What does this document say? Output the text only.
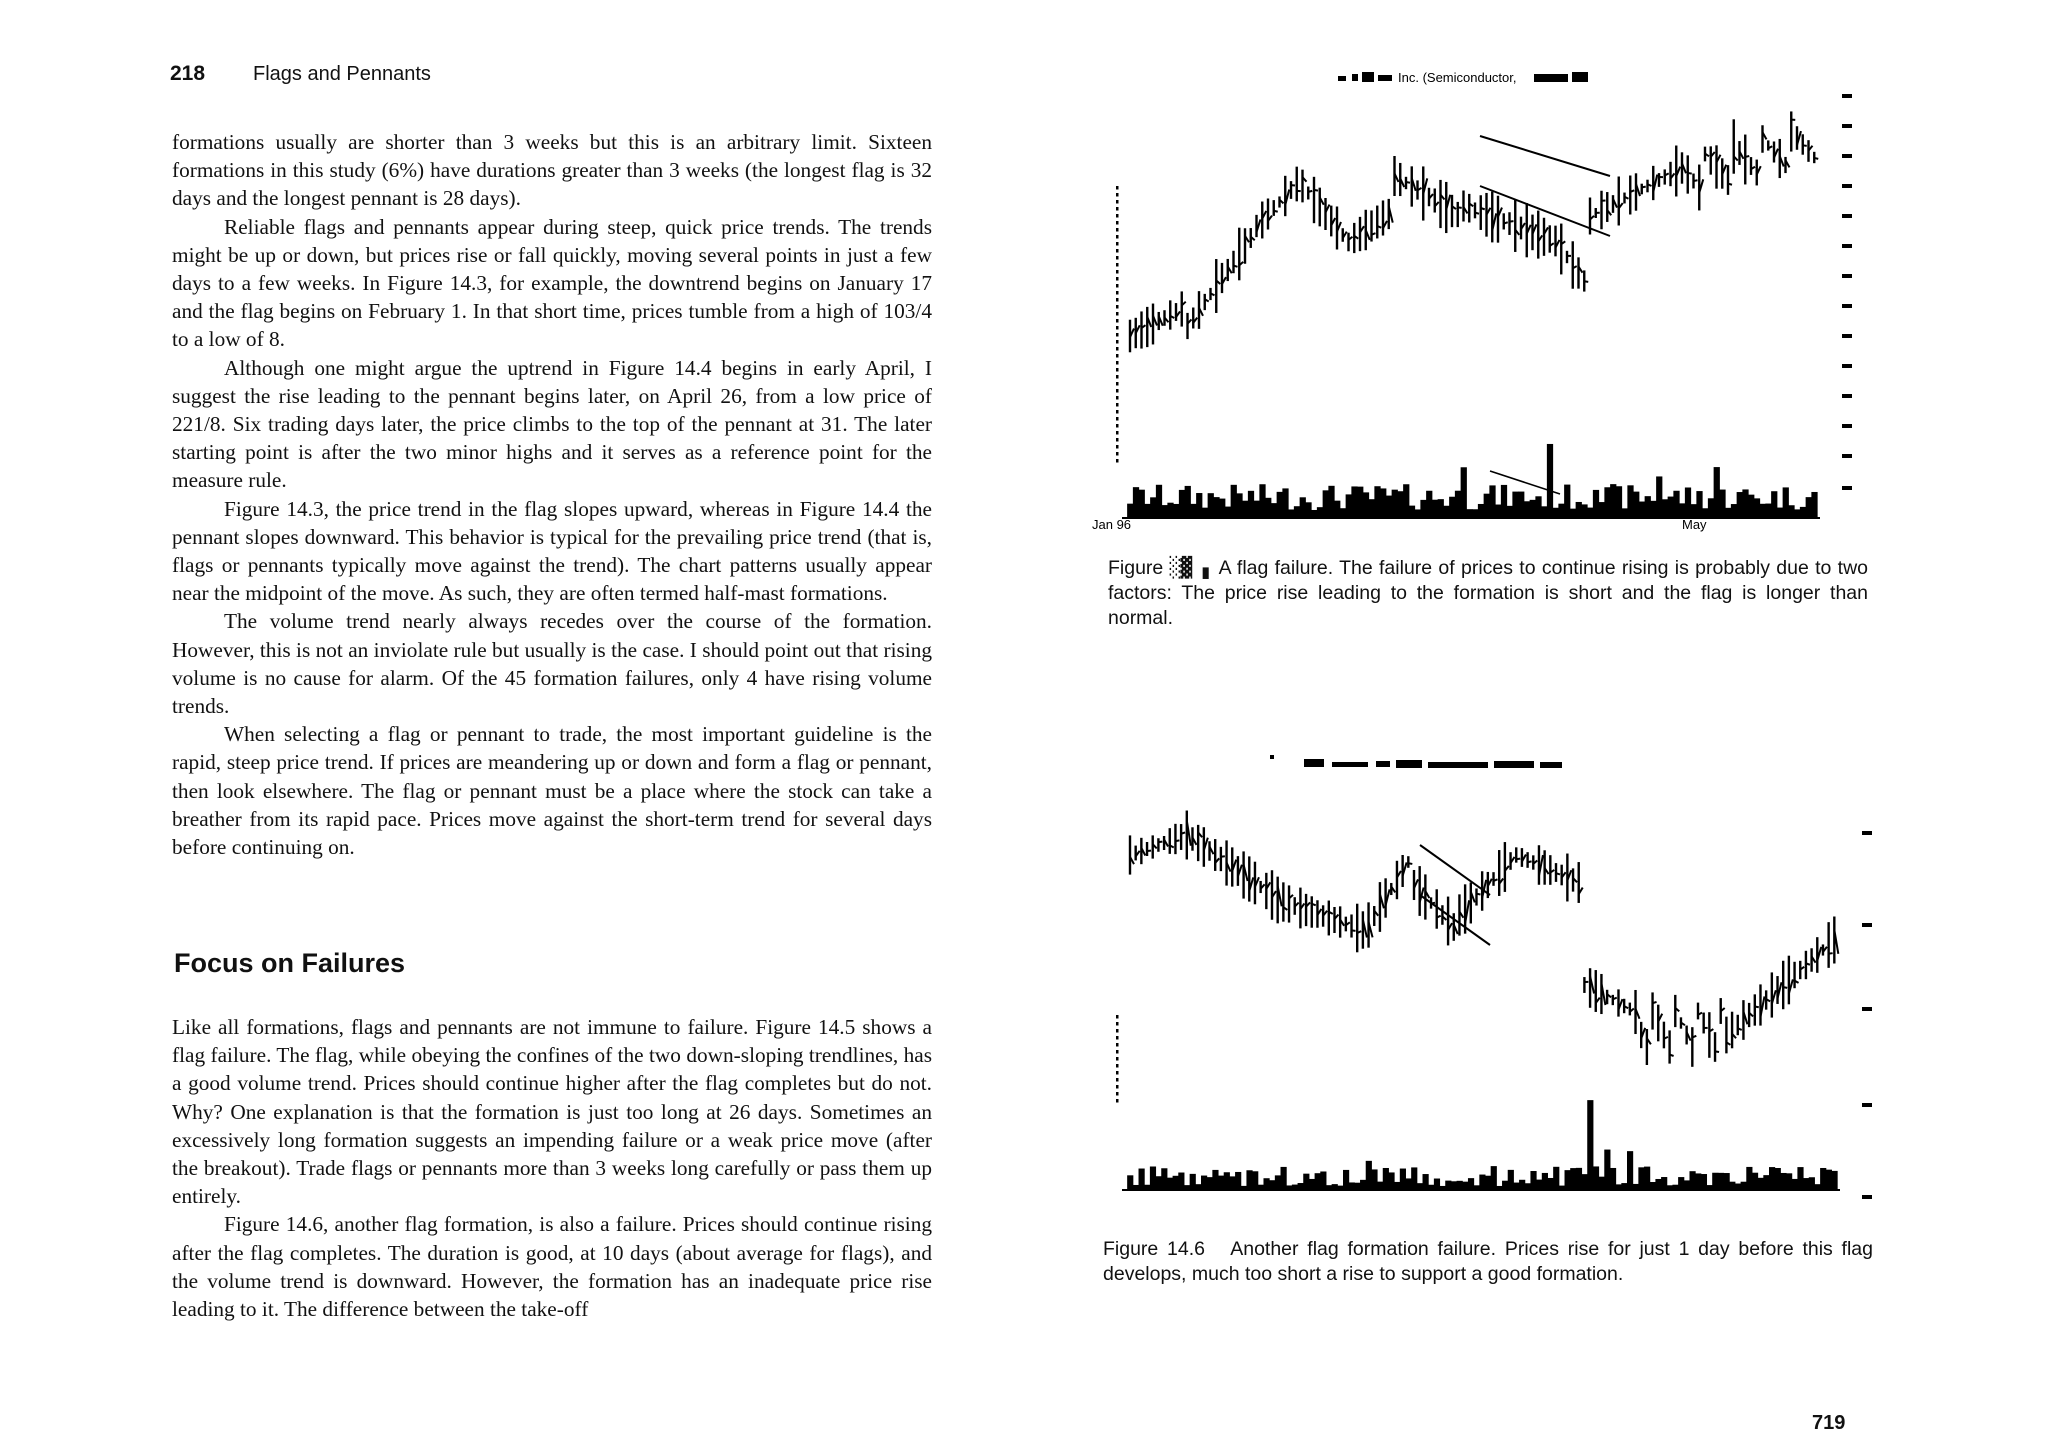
218 Flags and Pennants

formations usually are shorter than 3 weeks but this is an arbitrary limit. Sixteen formations in this study (6%) have durations greater than 3 weeks (the longest flag is 32 days and the longest pennant is 28 days).

Reliable flags and pennants appear during steep, quick price trends. The trends might be up or down, but prices rise or fall quickly, moving several points in just a few days to a few weeks. In Figure 14.3, for example, the downtrend begins on January 17 and the flag begins on February 1. In that short time, prices tumble from a high of 103/4 to a low of 8.

Although one might argue the uptrend in Figure 14.4 begins in early April, I suggest the rise leading to the pennant begins later, on April 26, from a low price of 221/8. Six trading days later, the price climbs to the top of the pennant at 31. The later starting point is after the two minor highs and it serves as a reference point for the measure rule.

Figure 14.3, the price trend in the flag slopes upward, whereas in Figure 14.4 the pennant slopes downward. This behavior is typical for the prevailing price trend (that is, flags or pennants typically move against the trend). The chart patterns usually appear near the midpoint of the move. As such, they are often termed half-mast formations.

The volume trend nearly always recedes over the course of the formation. However, this is not an inviolate rule but usually is the case. I should point out that rising volume is no cause for alarm. Of the 45 formation failures, only 4 have rising volume trends.

When selecting a flag or pennant to trade, the most important guideline is the rapid, steep price trend. If prices are meandering up or down and form a flag or pennant, then look elsewhere. The flag or pennant must be a place where the stock can take a breather from its rapid pace. Prices move against the short-term trend for several days before continuing on.

Focus on Failures

Like all formations, flags and pennants are not immune to failure. Figure 14.5 shows a flag failure. The flag, while obeying the confines of the two down-sloping trendlines, has a good volume trend. Prices should continue higher after the flag completes but do not. Why? One explanation is that the formation is just too long at 26 days. Sometimes an excessively long formation suggests an impending failure or a weak price move (after the breakout). Trade flags or pennants more than 3 weeks long carefully or pass them up entirely.

Figure 14.6, another flag formation, is also a failure. Prices should continue rising after the flag completes. The duration is good, at 10 days (about average for flags), and the volume trend is downward. However, the formation has an inadequate price rise leading to it. The difference between the take-off

Inc. (Semiconductor,
Jan 96	May
Figure ░▓ ▖ A flag failure. The failure of prices to continue rising is probably due to two factors: The price rise leading to the formation is short and the flag is longer than normal.
Figure 14.6 Another flag formation failure. Prices rise for just 1 day before this flag develops, much too short a rise to support a good formation.
719
